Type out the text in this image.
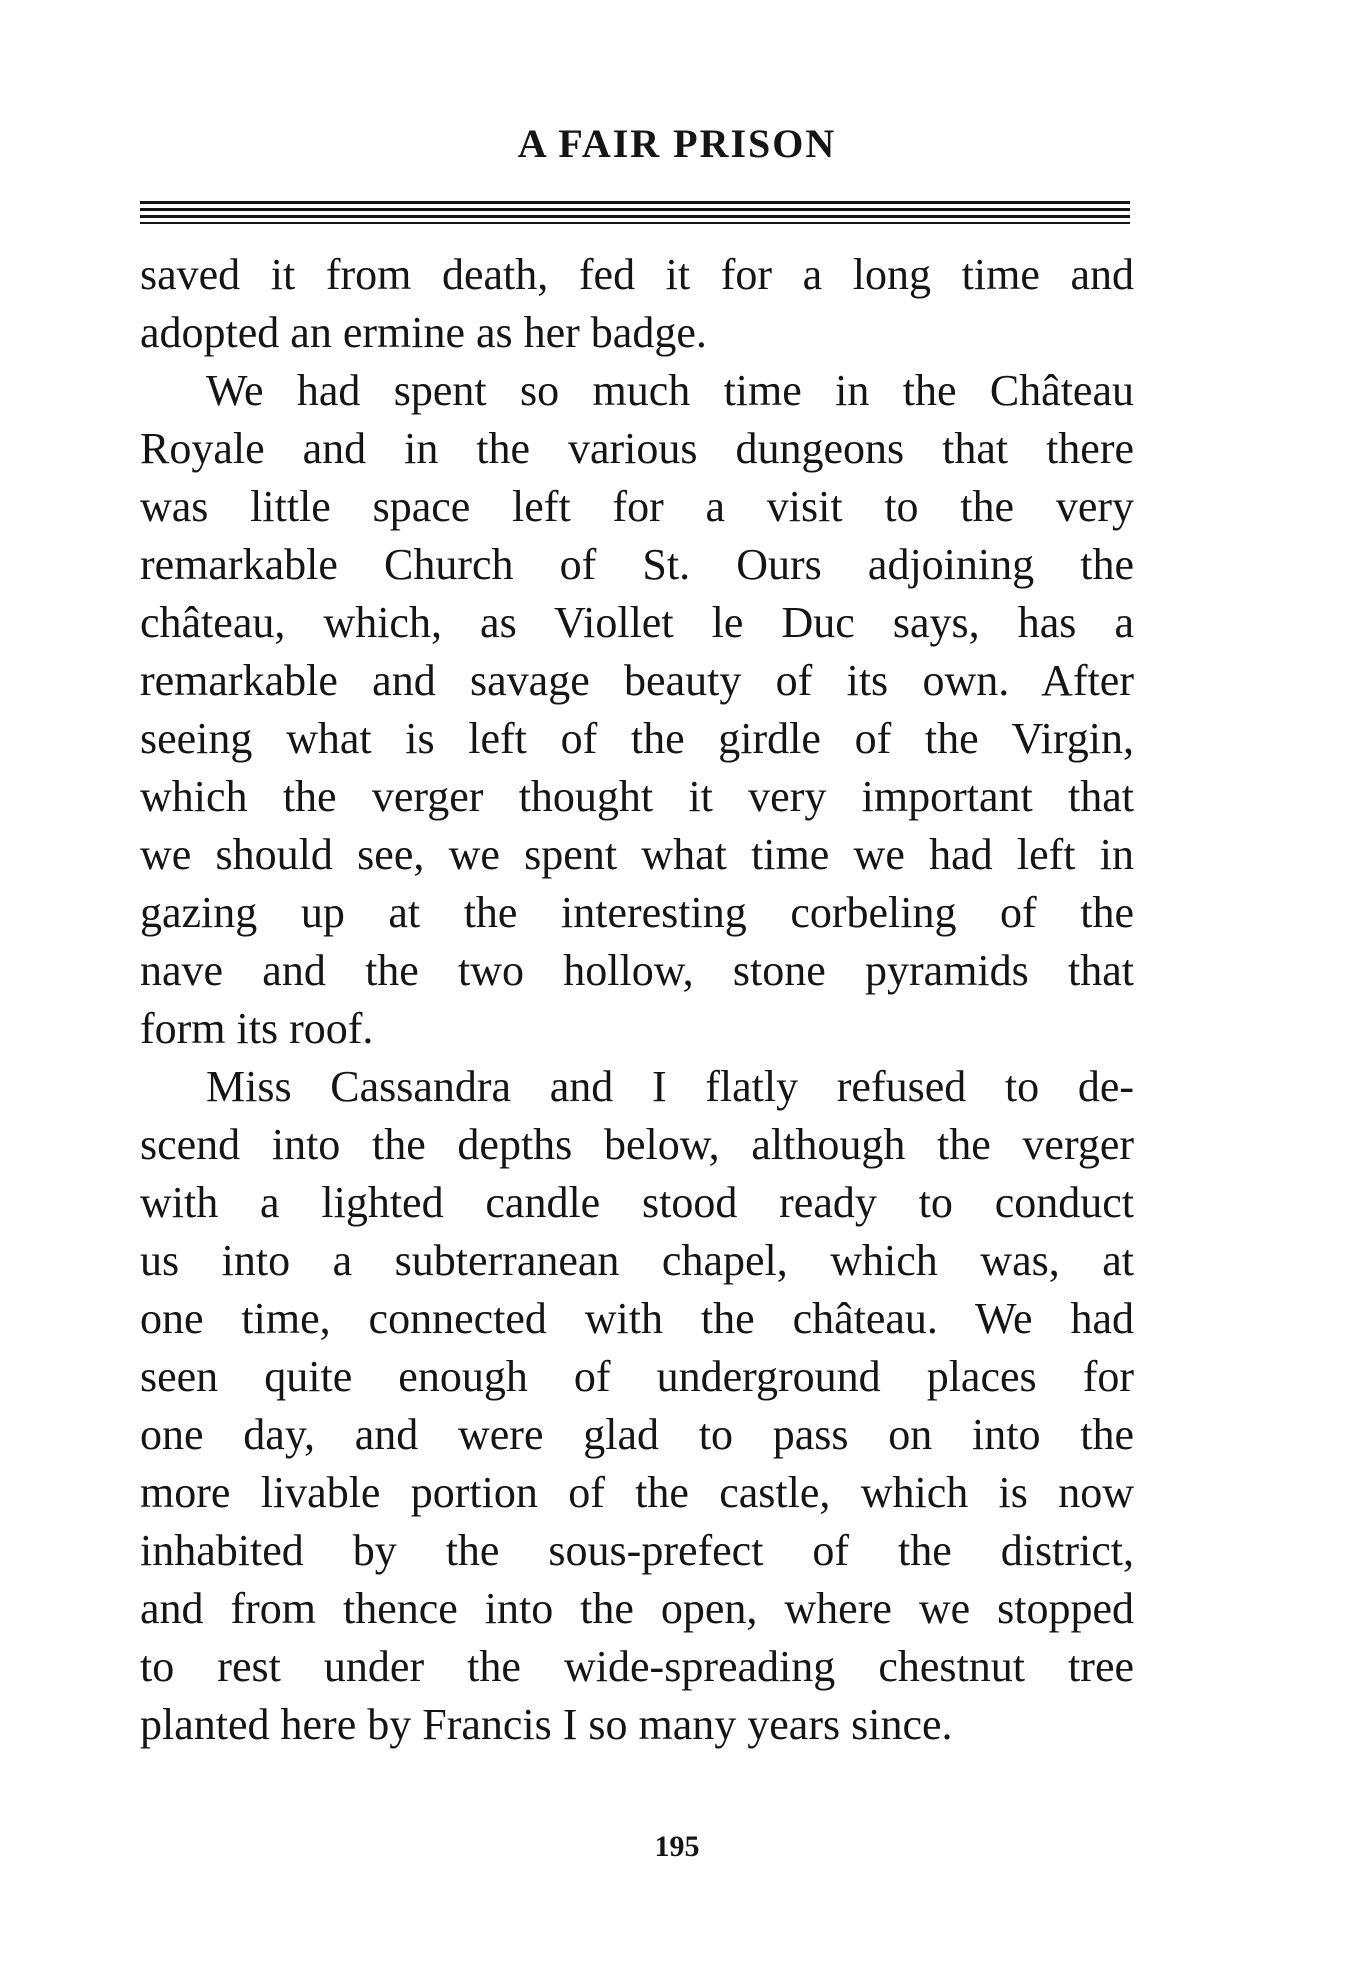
A FAIR PRISON
saved it from death, fed it for a long time and
adopted an ermine as her badge.
We had spent so much time in the Château
Royale and in the various dungeons that there
was little space left for a visit to the very
remarkable Church of St. Ours adjoining the
château, which, as Viollet le Duc says, has a
remarkable and savage beauty of its own. After
seeing what is left of the girdle of the Virgin,
which the verger thought it very important that
we should see, we spent what time we had left in
gazing up at the interesting corbeling of the
nave and the two hollow, stone pyramids that
form its roof.
Miss Cassandra and I flatly refused to de-
scend into the depths below, although the verger
with a lighted candle stood ready to conduct
us into a subterranean chapel, which was, at
one time, connected with the château. We had
seen quite enough of underground places for
one day, and were glad to pass on into the
more livable portion of the castle, which is now
inhabited by the sous-prefect of the district,
and from thence into the open, where we stopped
to rest under the wide-spreading chestnut tree
planted here by Francis I so many years since.
195
